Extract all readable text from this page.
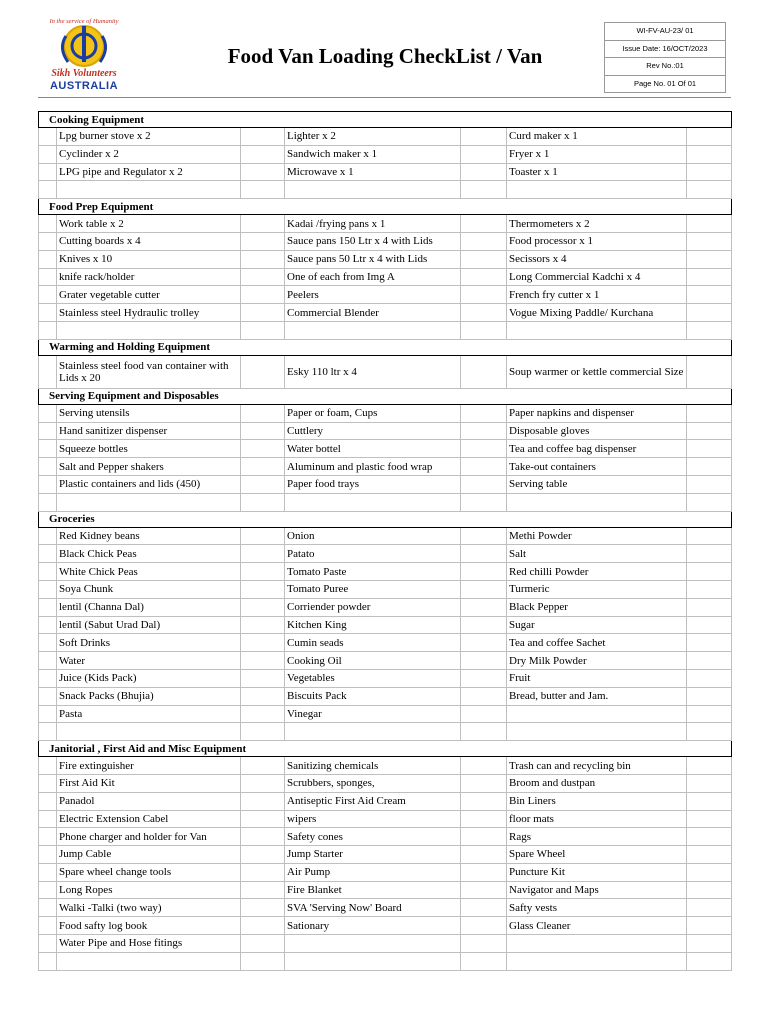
In the service of Humanity
Sikh Volunteers
AUSTRALIA
Food Van Loading CheckList / Van
WI-FV-AU-23/ 01
Issue Date: 16/OCT/2023
Rev No.:01
Page No. 01 Of 01
Cooking Equipment						
	Lpg burner stove x 2		Lighter x 2		Curd maker x 1	
	Cyclinder x 2		Sandwich maker x 1		Fryer x 1	
	LPG pipe and Regulator x 2		Microwave x 1		Toaster x 1	

Food Prep Equipment						
	Work table x 2		Kadai /frying pans x 1		Thermometers x 2	
	Cutting boards x 4		Sauce pans 150 Ltr x 4 with Lids		Food processor x 1	
	Knives x 10		Sauce pans 50 Ltr x 4 with Lids		Secissors x 4	
	knife rack/holder		One of each from Img A		Long Commercial Kadchi x 4	
	Grater vegetable cutter		Peelers		French fry cutter x 1	
	Stainless steel Hydraulic trolley		Commercial Blender		Vogue Mixing Paddle/ Kurchana	

Warming and Holding Equipment						
	Stainless steel food van container with Lids x 20		Esky 110 ltr x 4		Soup warmer or kettle commercial Size	
Serving Equipment and Disposables						
	Serving utensils		Paper or foam, Cups		Paper napkins and dispenser	
	Hand sanitizer dispenser		Cuttlery		Disposable gloves	
	Squeeze bottles		Water bottel		Tea and coffee bag dispenser	
	Salt and Pepper shakers		Aluminum and plastic food wrap		Take-out containers	
	Plastic containers and lids (450)		Paper food trays		Serving table	

Groceries						
	Red Kidney beans		Onion		Methi Powder	
	Black Chick Peas		Patato		Salt	
	White Chick Peas		Tomato Paste		Red chilli Powder	
	Soya Chunk		Tomato Puree		Turmeric	
	lentil (Channa Dal)		Corriender powder		Black Pepper	
	lentil (Sabut Urad Dal)		Kitchen King		Sugar	
	Soft Drinks		Cumin seads		Tea and coffee Sachet	
	Water		Cooking Oil		Dry Milk Powder	
	Juice (Kids Pack)		Vegetables		Fruit	
	Snack Packs (Bhujia)		Biscuits Pack		Bread, butter and Jam.	
	Pasta		Vinegar			

Janitorial , First Aid and Misc Equipment						
	Fire extinguisher		Sanitizing chemicals		Trash can and recycling bin	
	First Aid Kit		Scrubbers, sponges,		Broom and dustpan	
	Panadol		Antiseptic First Aid Cream		Bin Liners	
	Electric Extension Cabel		wipers		floor mats	
	Phone charger and holder for Van		Safety cones		Rags	
	Jump Cable		Jump Starter		Spare Wheel	
	Spare wheel change tools		Air Pump		Puncture Kit	
	Long Ropes		Fire Blanket		Navigator and Maps	
	Walki -Talki (two way)		SVA 'Serving Now' Board		Safty vests	
	Food safty log book		Sationary		Glass Cleaner	
	Water Pipe and Hose fitings					
